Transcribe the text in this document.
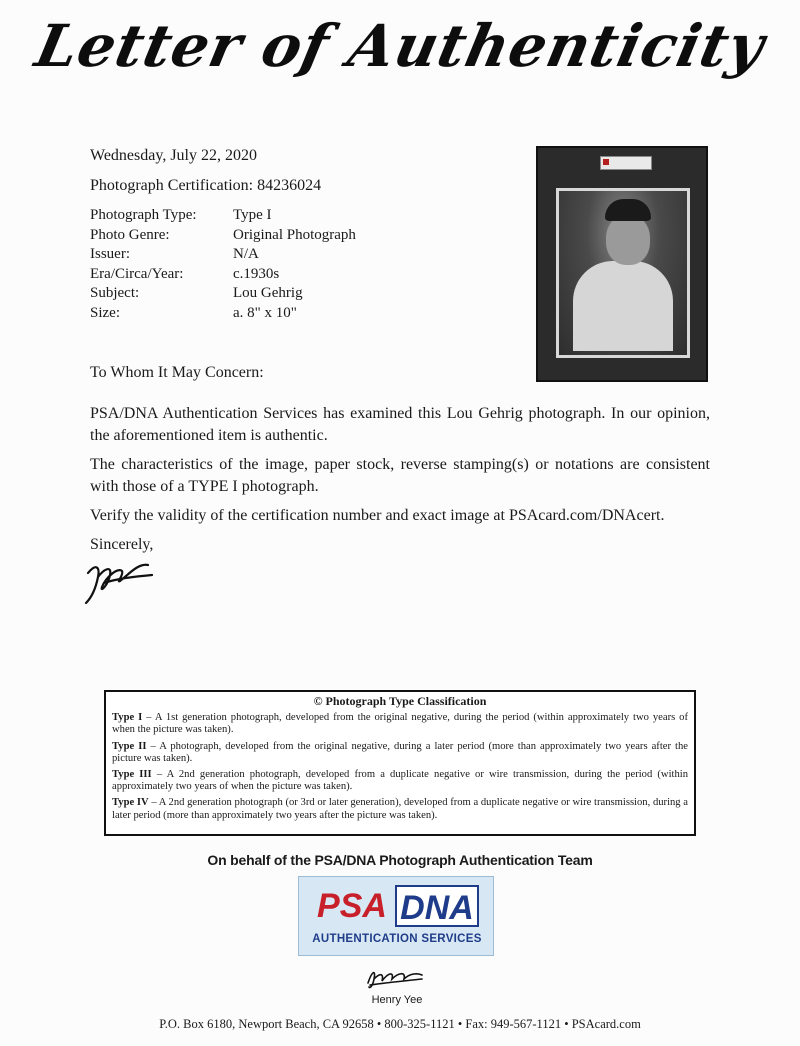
Letter of Authenticity
Wednesday, July 22, 2020
Photograph Certification: 84236024
Photograph Type:	Type I
Photo Genre:	Original Photograph
Issuer:	N/A
Era/Circa/Year:	c.1930s
Subject:	Lou Gehrig
Size:	a. 8" x 10"
To Whom It May Concern:
PSA/DNA Authentication Services has examined this Lou Gehrig photograph. In our opinion, the aforementioned item is authentic.
The characteristics of the image, paper stock, reverse stamping(s) or notations are consistent with those of a TYPE I photograph.
Verify the validity of the certification number and exact image at PSAcard.com/DNAcert.
Sincerely,
© Photograph Type Classification
Type I – A 1st generation photograph, developed from the original negative, during the period (within approximately two years of when the picture was taken).
Type II – A photograph, developed from the original negative, during a later period (more than approximately two years after the picture was taken).
Type III – A 2nd generation photograph, developed from a duplicate negative or wire transmission, during the period (within approximately two years of when the picture was taken).
Type IV – A 2nd generation photograph (or 3rd or later generation), developed from a duplicate negative or wire transmission, during a later period (more than approximately two years after the picture was taken).
On behalf of the PSA/DNA Photograph Authentication Team
PSA DNA
AUTHENTICATION SERVICES
Henry Yee
P.O. Box 6180, Newport Beach, CA 92658 • 800-325-1121 • Fax: 949-567-1121 • PSAcard.com
